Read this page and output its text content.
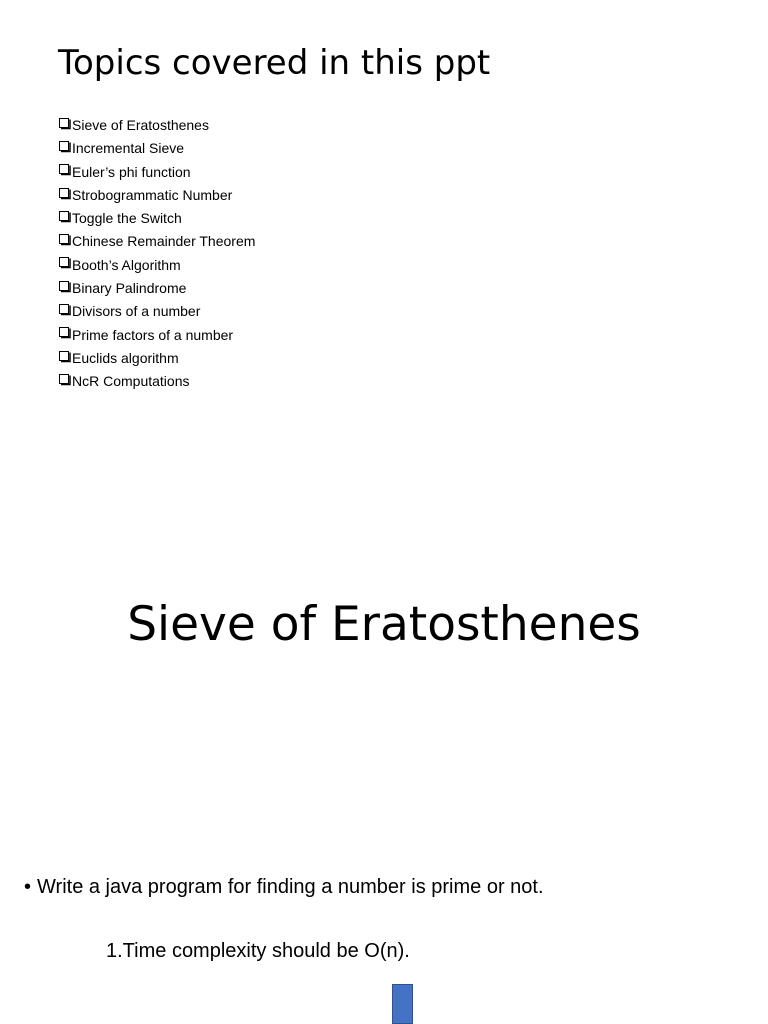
Topics covered in this ppt
Sieve of Eratosthenes
Incremental Sieve
Euler’s phi function
Strobogrammatic Number
Toggle the Switch
Chinese Remainder Theorem
Booth’s Algorithm
Binary Palindrome
Divisors of a number
Prime factors of a number
Euclids algorithm
NcR Computations
Sieve of Eratosthenes
• Write a java program for finding a number is prime or not.
1.Time complexity should be O(n).
